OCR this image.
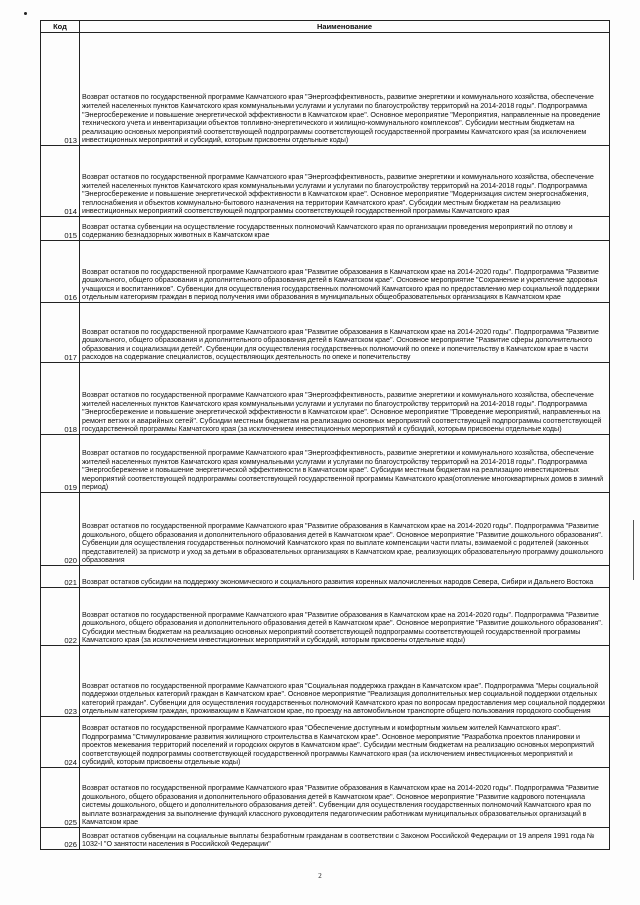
Код	Наименование
013	Возврат остатков по государственной программе Камчатского края "Энергоэффективность, развитие энергетики и коммунального хозяйства, обеспечение жителей населенных пунктов Камчатского края коммунальными услугами и услугами по благоустройству территорий на 2014-2018 годы". Подпрограмма "Энергосбережение и повышение энергетической эффективности в Камчатском крае". Основное мероприятие "Мероприятия, направленные на проведение технического учета и инвентаризации объектов топливно-энергетического и жилищно-коммунального комплексов". Субсидии местным бюджетам на реализацию основных мероприятий соответствующей подпрограммы соответствующей государственной программы Камчатского края (за исключением инвестиционных мероприятий и субсидий, которым присвоены отдельные коды)
014	Возврат остатков по государственной программе Камчатского края "Энергоэффективность, развитие энергетики и коммунального хозяйства, обеспечение жителей населенных пунктов Камчатского края коммунальными услугами и услугами по благоустройству территорий на 2014-2018 годы". Подпрограмма "Энергосбережение и повышение энергетической эффективности в Камчатском крае". Основное мероприятие "Модернизация систем энергоснабжения, теплоснабжения и объектов коммунально-бытового назначения на территории Камчатского края". Субсидии местным бюджетам на реализацию инвестиционных мероприятий соответствующей подпрограммы соответствующей государственной программы Камчатского края
015	Возврат остатка субвенции на осуществление государственных полномочий Камчатского края по организации проведения мероприятий по отлову и содержанию безнадзорных животных в Камчатском крае
016	Возврат остатков по государственной программе Камчатского края "Развитие образования в Камчатском крае на 2014-2020 годы". Подпрограмма "Развитие дошкольного, общего образования и дополнительного образования детей в Камчатском крае". Основное мероприятие "Сохранение и укрепление здоровья учащихся и воспитанников". Субвенции для осуществления государственных полномочий Камчатского края по предоставлению мер социальной поддержки отдельным категориям граждан в период получения ими образования в муниципальных общеобразовательных организациях в Камчатском крае
017	Возврат остатков по государственной программе Камчатского края "Развитие образования в Камчатском крае на 2014-2020 годы". Подпрограмма "Развитие дошкольного, общего образования и дополнительного образования детей в Камчатском крае". Основное мероприятие "Развитие сферы дополнительного образования и социализации детей". Субвенции для осуществления государственных полномочий по опеке и попечительству в Камчатском крае в части расходов на содержание специалистов, осуществляющих деятельность по опеке и попечительству
018	Возврат остатков по государственной программе Камчатского края "Энергоэффективность, развитие энергетики и коммунального хозяйства, обеспечение жителей населенных пунктов Камчатского края коммунальными услугами и услугами по благоустройству территорий на 2014-2018 годы". Подпрограмма "Энергосбережение и повышение энергетической эффективности в Камчатском крае". Основное мероприятие "Проведение мероприятий, направленных на ремонт ветхих и аварийных сетей". Субсидии местным бюджетам на реализацию основных мероприятий соответствующей подпрограммы соответствующей государственной программы Камчатского края (за исключением инвестиционных мероприятий и субсидий, которым присвоены отдельные коды)
019	Возврат остатков по государственной программе Камчатского края "Энергоэффективность, развитие энергетики и коммунального хозяйства, обеспечение жителей населенных пунктов Камчатского края коммунальными услугами и услугами по благоустройству территорий на 2014-2018 годы". Подпрограмма "Энергосбережение и повышение энергетической эффективности в Камчатском крае". Субсидии местным бюджетам на реализацию инвестиционных мероприятий соответствующей подпрограммы соответствующей государственной программы Камчатского края(отопление многоквартирных домов в зимний период)
020	Возврат остатков по государственной программе Камчатского края "Развитие образования в Камчатском крае на 2014-2020 годы". Подпрограмма "Развитие дошкольного, общего образования и дополнительного образования детей в Камчатском крае". Основное мероприятие "Развитие дошкольного образования". Субвенции для осуществления государственных полномочий Камчатского края по выплате компенсации части платы, взимаемой с родителей (законных представителей) за присмотр и уход за детьми в образовательных организациях в Камчатском крае, реализующих образовательную программу дошкольного образования
021	Возврат остатков субсидии на поддержку экономического и социального развития коренных малочисленных народов Севера, Сибири и Дальнего Востока
022	Возврат остатков по государственной программе Камчатского края "Развитие образования в Камчатском крае на 2014-2020 годы". Подпрограмма "Развитие дошкольного, общего образования и дополнительного образования детей в Камчатском крае". Основное мероприятие "Развитие дошкольного образования". Субсидии местным бюджетам на реализацию основных мероприятий соответствующей подпрограммы соответствующей государственной программы Камчатского края (за исключением инвестиционных мероприятий и субсидий, которым присвоены отдельные коды)
023	Возврат остатков по государственной программе Камчатского края "Социальная поддержка граждан в Камчатском крае". Подпрограмма "Меры социальной поддержки отдельных категорий граждан в Камчатском крае". Основное мероприятие "Реализация дополнительных мер социальной поддержки отдельных категорий граждан". Субвенции для осуществления государственных полномочий Камчатского края по вопросам предоставления мер социальной поддержки отдельным категориям граждан, проживающим в Камчатском крае, по проезду на автомобильном транспорте общего пользования городского сообщения
024	Возврат остатков по государственной программе Камчатского края "Обеспечение доступным и комфортным жильем жителей Камчатского края". Подпрограмма "Стимулирование развития жилищного строительства в Камчатском крае". Основное мероприятие "Разработка проектов планировки и проектов межевания территорий поселений и городских округов в Камчатском крае". Субсидии местным бюджетам на реализацию основных мероприятий соответствующей подпрограммы соответствующей государственной программы Камчатского края (за исключением инвестиционных мероприятий и субсидий, которым присвоены отдельные коды)
025	Возврат остатков по государственной программе Камчатского края "Развитие образования в Камчатском крае на 2014-2020 годы". Подпрограмма "Развитие дошкольного, общего образования и дополнительного образования детей в Камчатском крае". Основное мероприятие "Развитие кадрового потенциала системы дошкольного, общего и дополнительного образования детей". Субвенции для осуществления государственных полномочий Камчатского края по выплате вознаграждения за выполнение функций классного руководителя педагогическим работникам муниципальных образовательных организаций в Камчатском крае
026	Возврат остатков субвенции на социальные выплаты безработным гражданам в соответствии с Законом Российской Федерации от 19 апреля 1991 года № 1032-I "О занятости населения в Российской Федерации"
2
